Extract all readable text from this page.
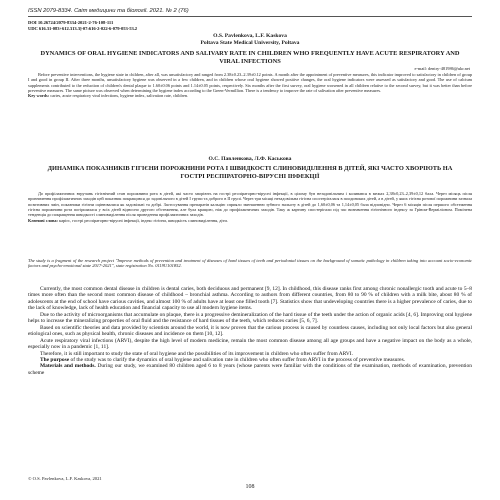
ISSN 2079-8334. Світ медицини та біології. 2021. № 2 (76)
DOI 10.26724/2079-8334-2021-2-76-108-111
UDC 616.31-083+612.313.3]-07:616-2-022-6-079-053-53.2
O.S. Pavlenkova, L.F. Kaskova
Poltava State Medical University, Poltava
DYNAMICS OF ORAL HYGIENE INDICATORS AND SALIVARY RATE IN CHILDREN WHO FREQUENTLY HAVE ACUTE RESPIRATORY AND VIRAL INFECTIONS
e-mail: dentry-481986@ukr.net

Before preventive interventions, the hygiene state in children, after all, was unsatisfactory and ranged from 2.38±0.23–2.39±0.12 points. A month after the appointment of preventive measures, this indicator improved to satisfactory in children of group I and good in group II. After three months, unsatisfactory hygiene was observed in a few children, and in children whose oral hygiene showed positive changes, the oral hygiene indicators were assessed as satisfactory and good. The use of calcium supplements contributed to the reduction of children's dental plaque to 1.60±0.06 points and 1.14±0.05 points, respectively. Six months after the first survey, oral hygiene worsened in all children relative to the second survey, but it was better than before preventive measures. The same picture was observed when determining the hygiene index according to the Green-Vermillion. There is a tendency to improve the rate of salivation after preventive measures.

Key words: caries, acute respiratory viral infections, hygiene index, salivation rate, children.
О.С. Павленкова, Л.Ф. Каськова
ДИНАМІКА ПОКАЗНИКІВ ГІГІЄНИ ПОРОЖНИНИ РОТА І ШВИДКОСТІ СЛИНОВИДІЛЕННЯ В ДІТЕЙ, ЯКІ ЧАСТО ХВОРІЮТЬ НА ГОСТРІ РЕСПІРАТОРНО-ВІРУСНІ ІНФЕКЦІЇ

До профілактичних втручань гігієнічний стан порожнини рота в дітей, які часто хворіють на гострі респіраторно-вірусні інфекції, в цілому був незадовільним і коливався в межах 2,38±0,23–2,39±0,12 бала. Через місяць після призначення профілактичних заходів цей показник покращився до задовільного в дітей І групи та доброго в ІІ групі. Через три місяці незадовільна гігієна спостерігалася в поодиноких дітей, а в дітей, у яких гігієна ротової порожнини зазнала позитивних змін, показники гігієни оцінювалися як задовільні та добрі. Застосування препаратів кальцію сприяло зменшенню зубного нальоту в дітей до 1,60±0,06 та 1,14±0,05 бала відповідно. Через 6 місяців після першого обстеження гігієна порожнини рота погіршилася у всіх дітей відносно другого обстеження, але була кращою, ніж до профілактичних заходів. Таку ж картину спостерігали під час визначення гігієнічного індексу за Гріном-Верміліоном. Помічена тенденція до покращення швидкості слиновиділення після проведення профілактичних заходів.

Ключові слова: карієс, гострі респіраторно-вірусні інфекції, індекс гігієни, швидкість слиновиділення, діти.
The study is a fragment of the research project "Improve methods of prevention and treatment of diseases of hard tissues of teeth and periodontal tissues on the background of somatic pathology in children taking into account socio-economic factors and psycho-emotional state 2017-2021", state registration No. 0119U101852.

Currently, the most common dental disease in children is dental caries, both deciduous and permanent [9, 12]. In childhood, this disease ranks first among chronic nonallergic tooth and acute to 5–8 times more often than the second most common disease of childhood – bronchial asthma. According to authors from different countries, from 80 to 90 % of children with a milk bite, about 80 % of adolescents at the end of school have carious cavities, and almost 100 % of adults have at least one filled tooth [7]. Statistics show that undeveloping countries there is a higher prevalence of caries, due to the lack of knowledge, lack of health education and financial capacity to use all modern hygiene items.

Due to the activity of microorganisms that accumulate on plaque, there is a progressive demineralization of the hard tissue of the teeth under the action of organic acids [4, 6]. Improving oral hygiene helps to increase the mineralizing properties of oral fluid and the resistance of hard tissues of the teeth, which reduces caries [5, 6, 7].

Based on scientific theories and data provided by scientists around the world, it is now proven that the carious process is caused by countless causes, including not only local factors but also general etiological ones, such as physical health, chronic diseases and incidence on them [10, 12].

Acute respiratory viral infections (ARVI), despite the high level of modern medicine, remain the most common disease among all age groups and have a negative impact on the body as a whole, especially now in a pandemic [1, 11].

Therefore, it is still important to study the state of oral hygiene and the possibilities of its improvement in children who often suffer from ARVI.

The purpose of the study was to clarify the dynamics of oral hygiene and salivation rate in children who often suffer from ARVI in the process of preventive measures.

Materials and methods. During our study, we examined 80 children aged 6 to 8 years (whose parents were familiar with the conditions of the examination, methods of examination, prevention scheme

© O.S. Pavlenkova, L.F. Kaskova, 2021
108
